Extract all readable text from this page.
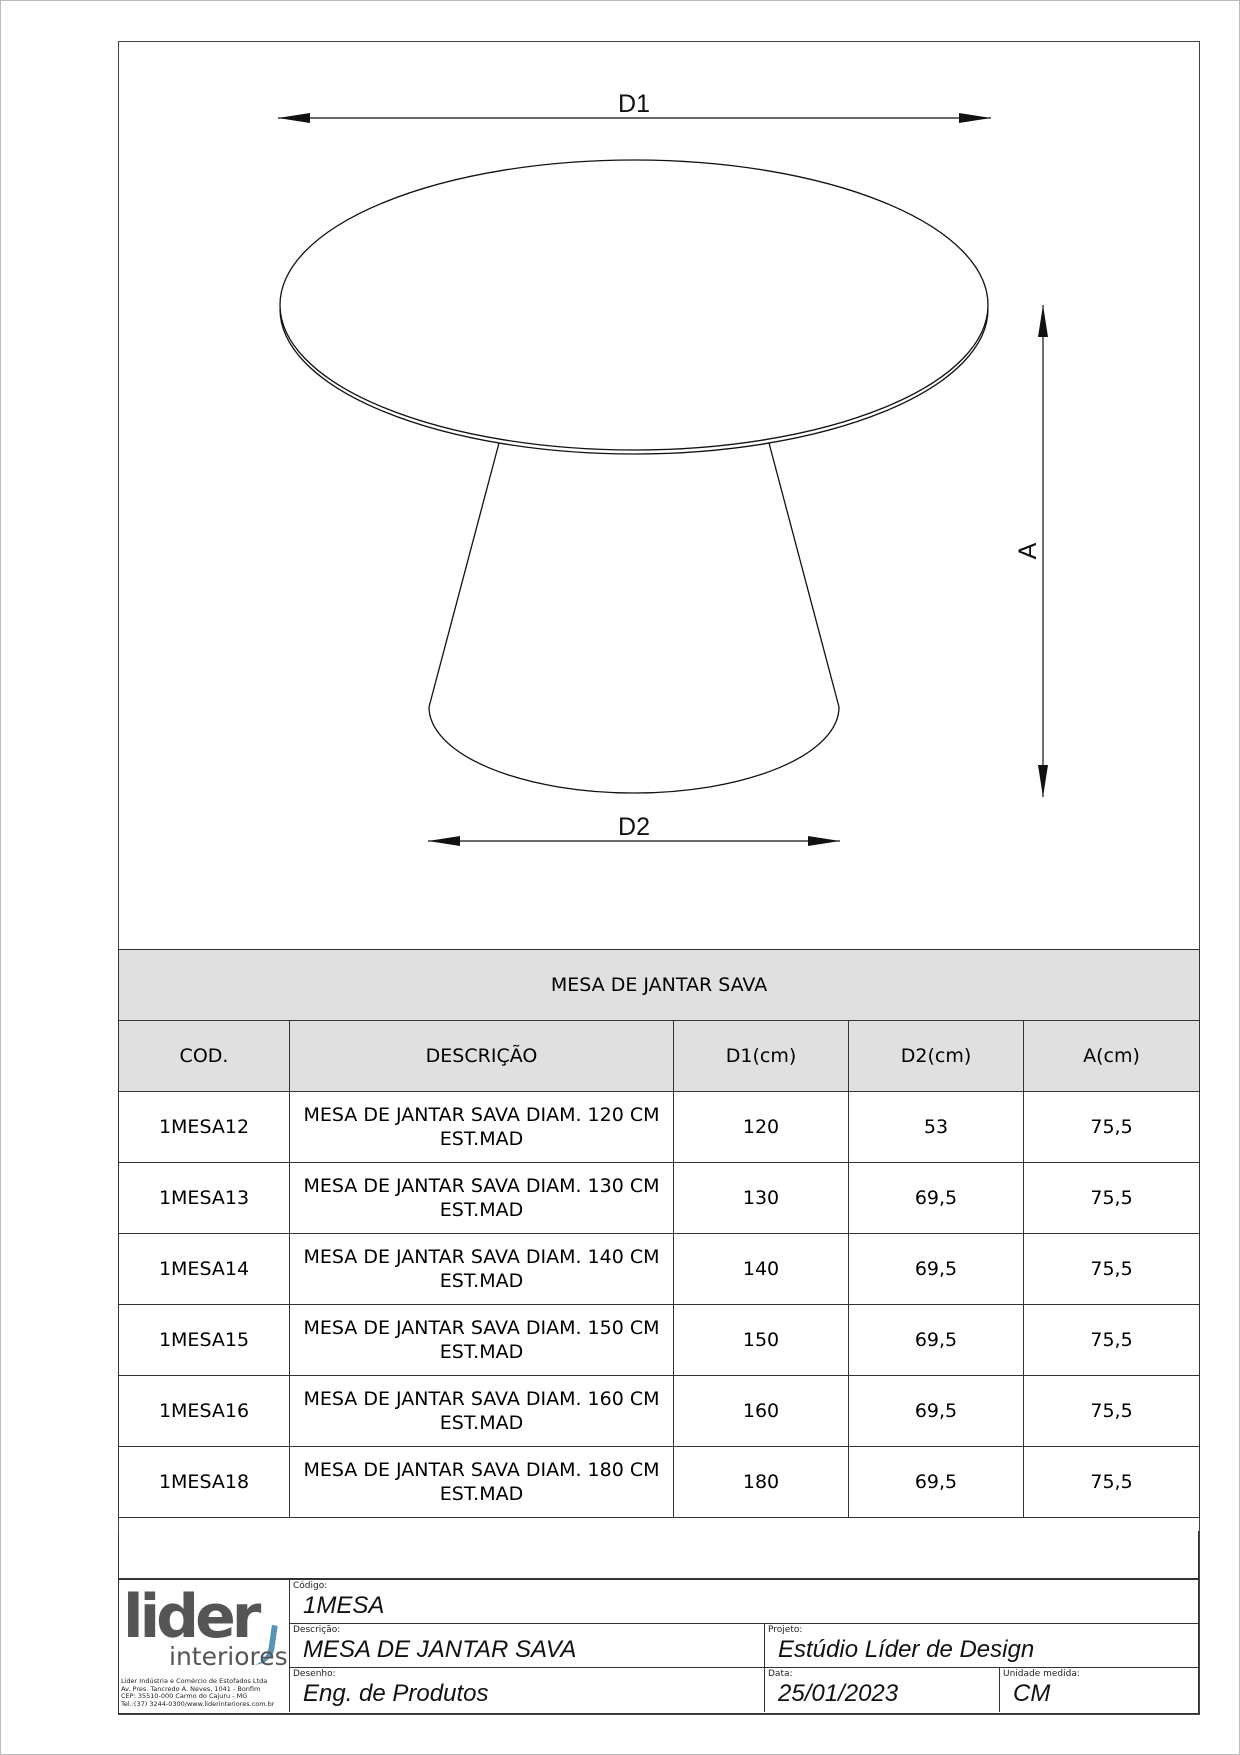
D1
A
D2
MESA DE JANTAR SAVA				
COD.	DESCRIÇÃO	D1(cm)	D2(cm)	A(cm)
1MESA12	MESA DE JANTAR SAVA DIAM. 120 CM
EST.MAD	120	53	75,5
1MESA13	MESA DE JANTAR SAVA DIAM. 130 CM
EST.MAD	130	69,5	75,5
1MESA14	MESA DE JANTAR SAVA DIAM. 140 CM
EST.MAD	140	69,5	75,5
1MESA15	MESA DE JANTAR SAVA DIAM. 150 CM
EST.MAD	150	69,5	75,5
1MESA16	MESA DE JANTAR SAVA DIAM. 160 CM
EST.MAD	160	69,5	75,5
1MESA18	MESA DE JANTAR SAVA DIAM. 180 CM
EST.MAD	180	69,5	75,5
lider
interiores
Lider Indústria e Comércio de Estofados Ltda
Av. Pres. Tancredo A. Neves, 1041 - Bonfim
CEP: 35510-000 Carmo do Cajuru - MG
Tel.:(37) 3244-0300/www.liderinteriores.com.br
Código:
1MESA
Descrição:
MESA DE JANTAR SAVA
Projeto:
Estúdio Líder de Design
Desenho:
Eng. de Produtos
Data:
25/01/2023
Unidade medida:
CM
